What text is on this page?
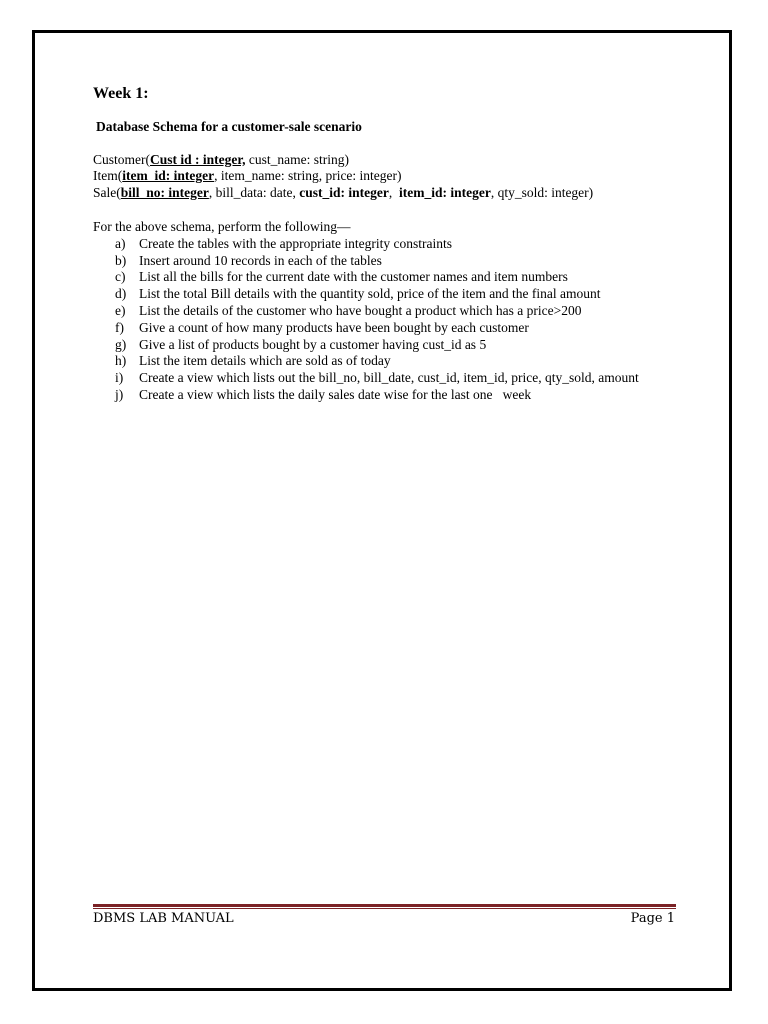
Week 1:
Database Schema for a customer-sale scenario
Customer(Cust id : integer, cust_name: string)
Item(item_id: integer, item_name: string, price: integer)
Sale(bill_no: integer, bill_data: date, cust_id: integer,  item_id: integer, qty_sold: integer)
For the above schema, perform the following—
a) Create the tables with the appropriate integrity constraints
b) Insert around 10 records in each of the tables
c) List all the bills for the current date with the customer names and item numbers
d) List the total Bill details with the quantity sold, price of the item and the final amount
e) List the details of the customer who have bought a product which has a price>200
f) Give a count of how many products have been bought by each customer
g) Give a list of products bought by a customer having cust_id as 5
h) List the item details which are sold as of today
i) Create a view which lists out the bill_no, bill_date, cust_id, item_id, price, qty_sold, amount
j) Create a view which lists the daily sales date wise for the last one   week
DBMS LAB MANUAL	Page 1
